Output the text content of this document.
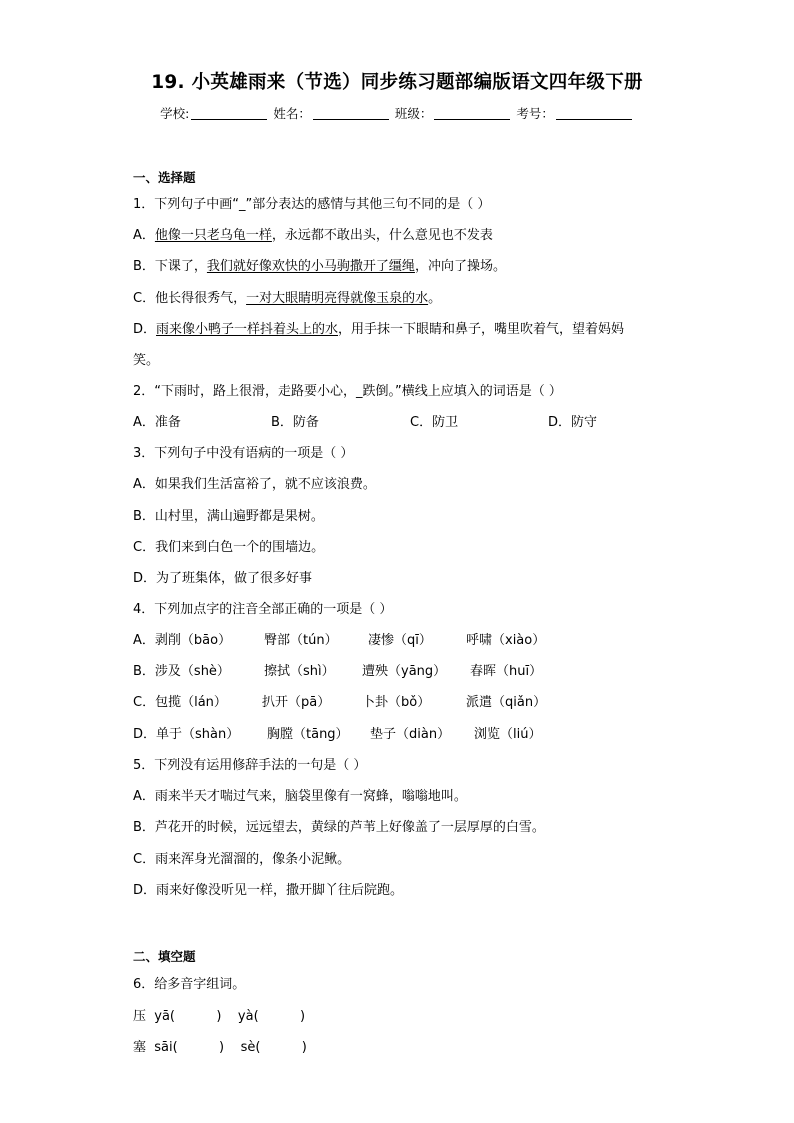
19. 小英雄雨来（节选）同步练习题部编版语文四年级下册
学校:	姓名：	班级：	考号：
一、选择题
1．下列句子中画“_”部分表达的感情与其他三句不同的是（ ）
A．他像一只老乌龟一样，永远都不敢出头，什么意见也不发表
B．下课了，我们就好像欢快的小马驹撒开了缰绳，冲向了操场。
C．他长得很秀气，一对大眼睛明亮得就像玉泉的水。
D．雨来像小鸭子一样抖着头上的水，用手抹一下眼睛和鼻子，嘴里吹着气，望着妈妈
笑。
2．“下雨时，路上很滑，走路要小心，_跌倒。”横线上应填入的词语是（ ）
A．准备	B．防备	C．防卫	D．防守
3．下列句子中没有语病的一项是（ ）
A．如果我们生活富裕了，就不应该浪费。
B．山村里，满山遍野都是果树。
C．我们来到白色一个的围墙边。
D．为了班集体，做了很多好事
4．下列加点字的注音全部正确的一项是（ ）
A．剥削（bāo）	臀部（tún） 凄惨（qī）	呼啸（xiào）
B．涉及（shè）	擦拭（shì） 遭殃（yāng） 春晖（huī）
C．包揽（lán）	扒开（pā） 卜卦（bǒ）	派遣（qiǎn）
D．单于（shàn） 胸膛（tāng） 垫子（diàn） 浏览（liú）
5．下列没有运用修辞手法的一句是（ ）
A．雨来半天才喘过气来，脑袋里像有一窝蜂，嗡嗡地叫。
B．芦花开的时候，远远望去，黄绿的芦苇上好像盖了一层厚厚的白雪。
C．雨来浑身光溜溜的，像条小泥鳅。
D．雨来好像没听见一样，撒开脚丫往后院跑。
二、填空题
6．给多音字组词。
压  yā(          )    yà(          )
塞  sāi(          )    sè(          )
